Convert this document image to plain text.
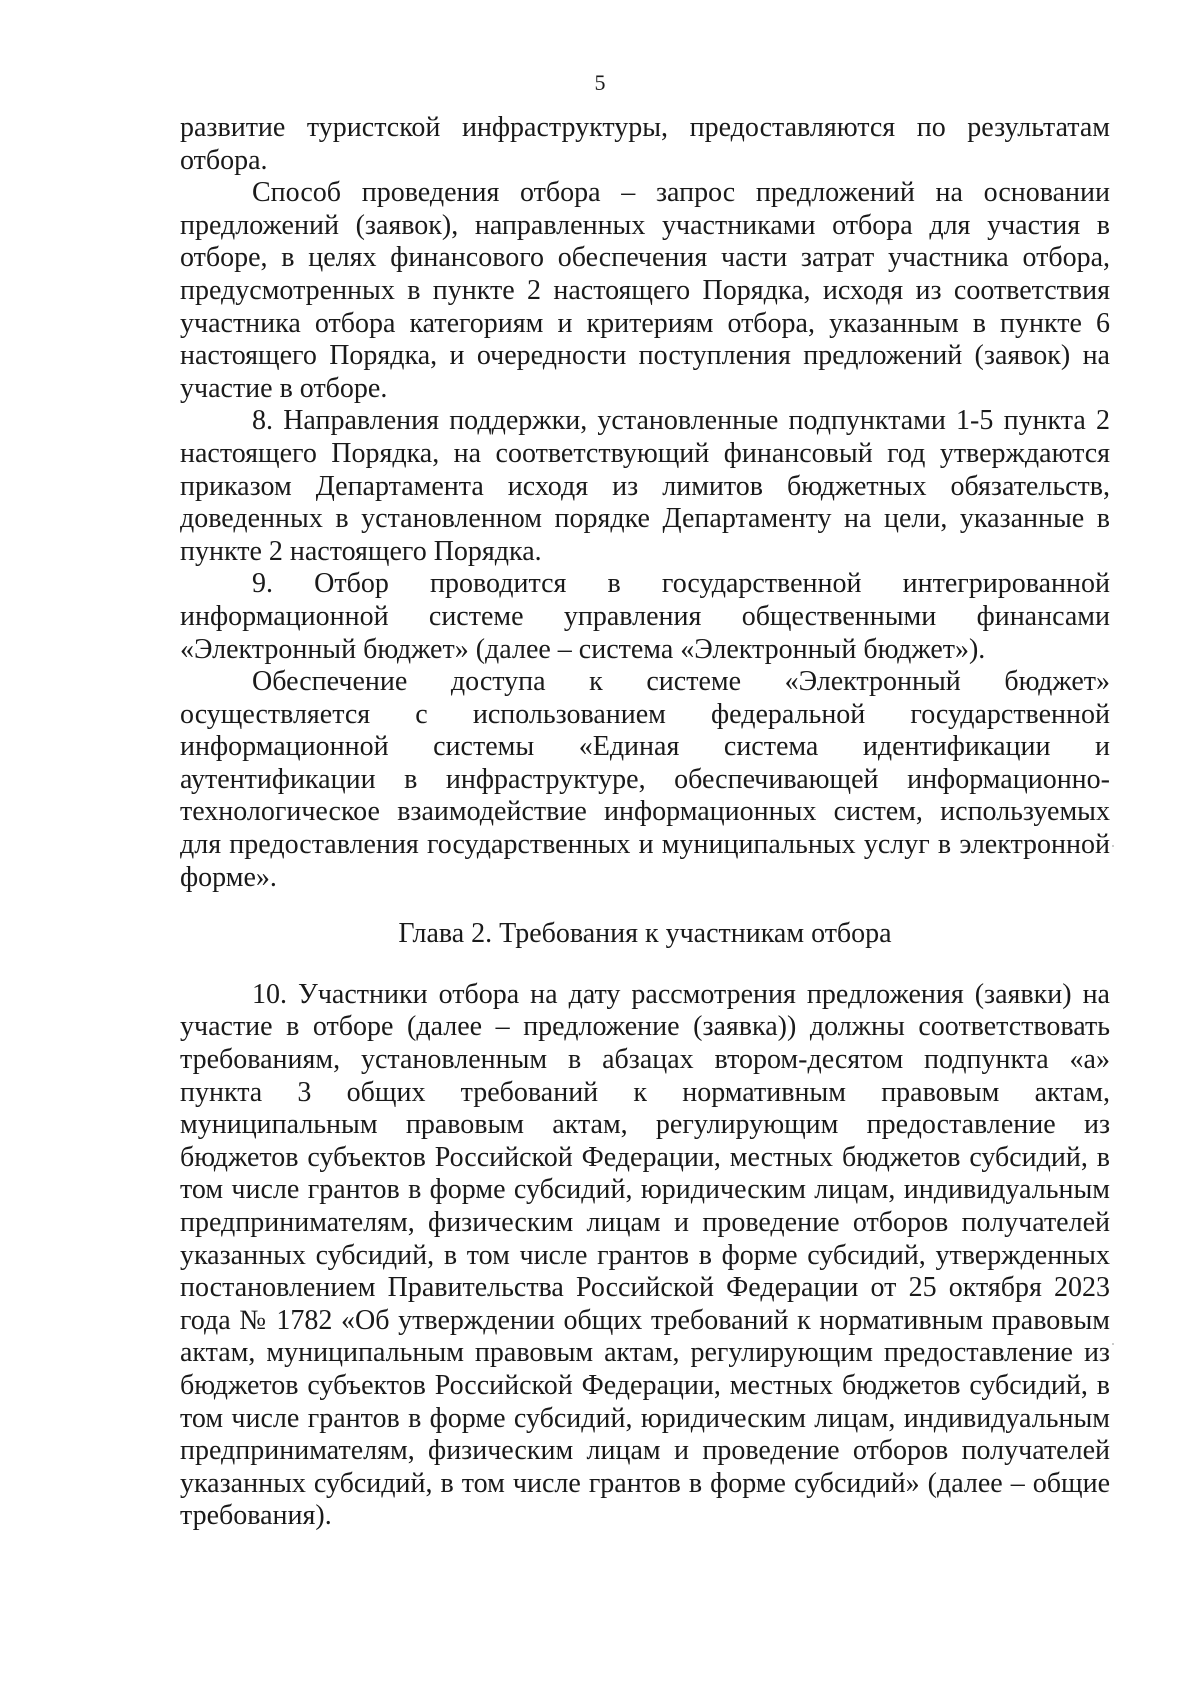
5

развитие туристской инфраструктуры, предоставляются по результатам отбора.

Способ проведения отбора – запрос предложений на основании предложений (заявок), направленных участниками отбора для участия в отборе, в целях финансового обеспечения части затрат участника отбора, предусмотренных в пункте 2 настоящего Порядка, исходя из соответствия участника отбора категориям и критериям отбора, указанным в пункте 6 настоящего Порядка, и очередности поступления предложений (заявок) на участие в отборе.

8. Направления поддержки, установленные подпунктами 1-5 пункта 2 настоящего Порядка, на соответствующий финансовый год утверждаются приказом Департамента исходя из лимитов бюджетных обязательств, доведенных в установленном порядке Департаменту на цели, указанные в пункте 2 настоящего Порядка.

9. Отбор проводится в государственной интегрированной информационной системе управления общественными финансами «Электронный бюджет» (далее – система «Электронный бюджет»).

Обеспечение доступа к системе «Электронный бюджет» осуществляется с использованием федеральной государственной информационной системы «Единая система идентификации и аутентификации в инфраструктуре, обеспечивающей информационно-технологическое взаимодействие информационных систем, используемых для предоставления государственных и муниципальных услуг в электронной форме».

Глава 2. Требования к участникам отбора

10. Участники отбора на дату рассмотрения предложения (заявки) на участие в отборе (далее – предложение (заявка)) должны соответствовать требованиям, установленным в абзацах втором-десятом подпункта «а» пункта 3 общих требований к нормативным правовым актам, муниципальным правовым актам, регулирующим предоставление из бюджетов субъектов Российской Федерации, местных бюджетов субсидий, в том числе грантов в форме субсидий, юридическим лицам, индивидуальным предпринимателям, физическим лицам и проведение отборов получателей указанных субсидий, в том числе грантов в форме субсидий, утвержденных постановлением Правительства Российской Федерации от 25 октября 2023 года № 1782 «Об утверждении общих требований к нормативным правовым актам, муниципальным правовым актам, регулирующим предоставление из бюджетов субъектов Российской Федерации, местных бюджетов субсидий, в том числе грантов в форме субсидий, юридическим лицам, индивидуальным предпринимателям, физическим лицам и проведение отборов получателей указанных субсидий, в том числе грантов в форме субсидий» (далее – общие требования).
